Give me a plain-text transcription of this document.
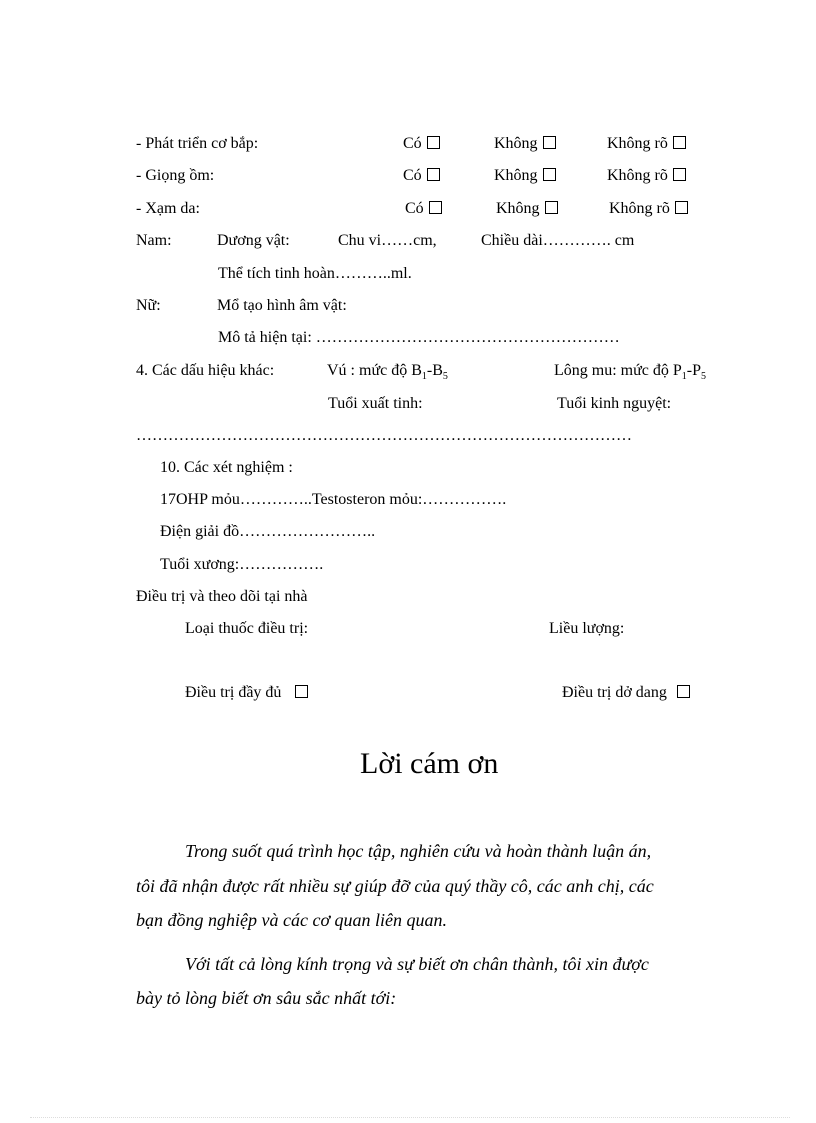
- Phát triển cơ bắp:	Có	Không	Không rõ
- Giọng ồm:	Có	Không	Không rõ
- Xạm da:	Có	Không	Không rõ
Nam:	Dương vật:	Chu vi……cm,	Chiều dài…………. cm
Thể tích tinh hoàn………..ml.
Nữ:	Mổ tạo hình âm vật:
Mô tả hiện tại: …………………………………………………
4. Các dấu hiệu khác:	Vú : mức độ $B_1-B_5$	Lông mu: mức độ $P_1-P_5$
Tuổi xuất tinh:	Tuổi kinh nguyệt:
…………………………………………………………………………………
10. Các xét nghiệm :
17OHP mỏu…………..Testosteron mỏu:…………….
Điện giải đồ……………………..
Tuổi xương:…………….
Điều trị và theo dõi tại nhà
Loại thuốc điều trị:	Liều lượng:
Điều trị đầy đủ	Điều trị dở dang
Lời cám ơn
Trong suốt quá trình học tập, nghiên cứu và hoàn thành luận án,
tôi đã nhận được rất nhiều sự giúp đỡ của quý thầy cô, các anh chị, các
bạn đồng nghiệp và các cơ quan liên quan.
Với tất cả lòng kính trọng và sự biết ơn chân thành, tôi xin được
bày tỏ lòng biết ơn sâu sắc nhất tới:
